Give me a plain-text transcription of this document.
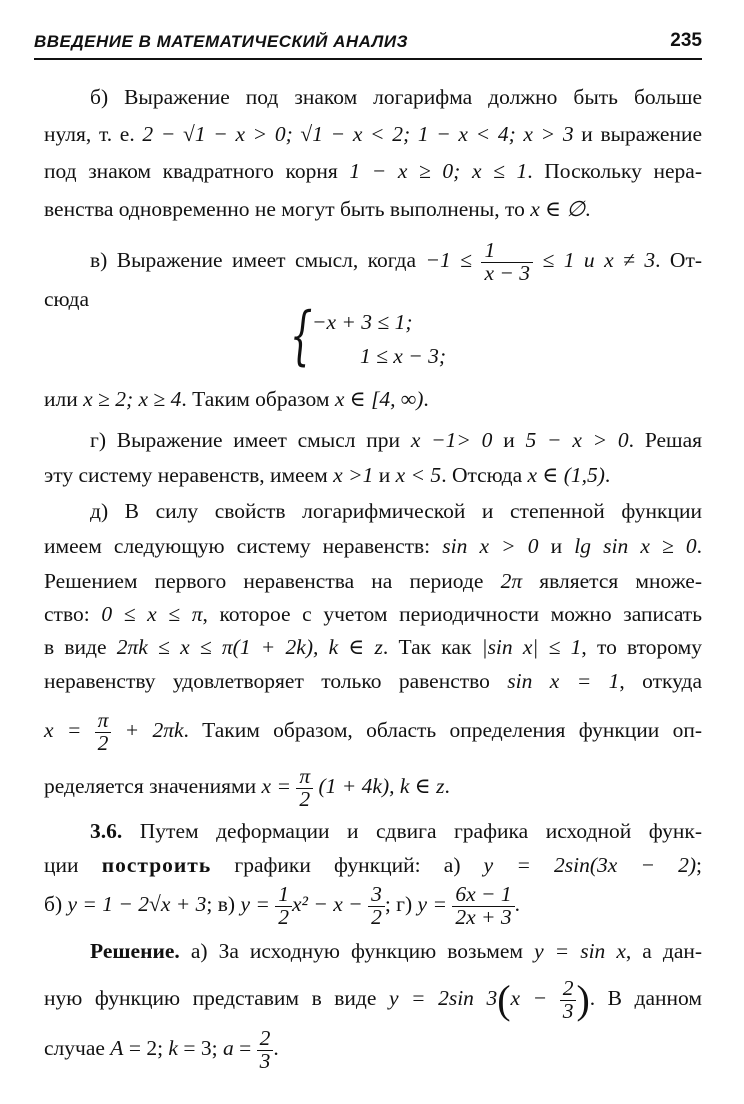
ВВЕДЕНИЕ В МАТЕМАТИЧЕСКИЙ АНАЛИЗ	235
б) Выражение под знаком логарифма должно быть больше
нуля, т. е. 2 − √1 − x > 0; √1 − x < 2; 1 − x < 4; x > 3 и выражение
под знаком квадратного корня 1 − x ≥ 0; x ≤ 1. Поскольку нера-
венства одновременно не могут быть выполнены, то x ∈ ∅.
в) Выражение имеет смысл, когда $-1 \le \frac{1}{x - 3} \le 1$ и x ≠ 3. От-
сюда	{ −x + 3 ≤ 1;
1 ≤ x − 3;
или x ≥ 2; x ≥ 4. Таким образом x ∈ [4, ∞).
г) Выражение имеет смысл при x −1> 0 и 5 − x > 0. Решая
эту систему неравенств, имеем x >1 и x < 5. Отсюда x ∈ (1,5).
д) В силу свойств логарифмической и степенной функции
имеем следующую систему неравенств: sin x > 0 и lg sin x ≥ 0.
Решением первого неравенства на периоде 2π является множе-
ство: 0 ≤ x ≤ π, которое с учетом периодичности можно записать
в виде 2πk ≤ x ≤ π(1 + 2k), k ∈ z. Так как |sin x| ≤ 1, то второму
неравенству удовлетворяет только равенство sin x = 1, откуда
$x = \frac{\pi}{2} + 2\pi k$. Таким образом, область определения функции оп-
ределяется значениями $x = \frac{\pi}{2} (1 + 4k)$, k ∈ z.
3.6. Путем деформации и сдвига графика исходной функ-
ции построить графики функций: а) y = 2sin(3x − 2);
б) y = 1 − 2√x + 3; в) $y = \frac{1}{2} x^2 - x - \frac{3}{2}$ ; г) $y = \frac{6x - 1}{2x + 3}$ .
Решение. а) За исходную функцию возьмем y = sin x, а дан-
ную функцию представим в виде y = 2sin $3(x - \frac{2}{3}$ ). В данном
случае A = 2; k = 3; $a = \frac{2}{3}$ .
